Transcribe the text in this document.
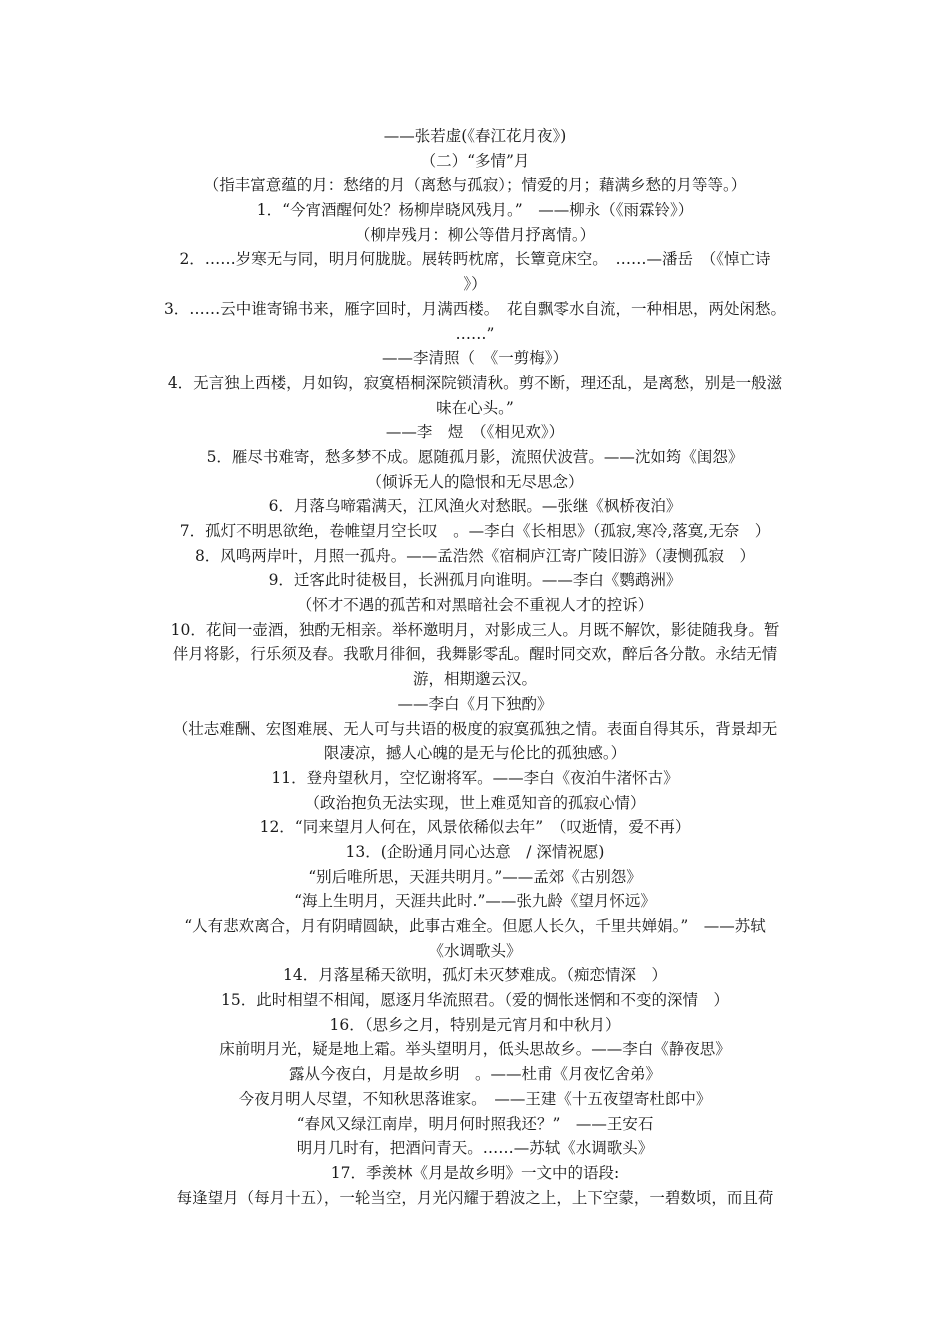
——张若虚(《春江花月夜》)
（二）“多情”月
（指丰富意蕴的月：愁绪的月（离愁与孤寂）；情爱的月；藉满乡愁的月等等。）
1．“今宵酒醒何处？杨柳岸晓风残月。”　——柳永（《雨霖铃》）
（柳岸残月：柳公等借月抒离情。）
2．……岁寒无与同，明月何胧胧。展转眄枕席，长簟竟床空。　……—潘岳　（《悼亡诗
》）
3．……云中谁寄锦书来，雁字回时，月满西楼。　花自飘零水自流，一种相思，两处闲愁。
……”
——李清照（　《一剪梅》）
4．无言独上西楼，月如钩，寂寞梧桐深院锁清秋。剪不断，理还乱，是离愁，别是一般滋
味在心头。”
——李　煜　（《相见欢》）
5．雁尽书难寄，愁多梦不成。愿随孤月影，流照伏波营。——沈如筠《闺怨》
（倾诉无人的隐恨和无尽思念）
6．月落乌啼霜满天，江风渔火对愁眠。—张继《枫桥夜泊》
7．孤灯不明思欲绝，卷帷望月空长叹　。—李白《长相思》（孤寂,寒冷,落寞,无奈　）
8．风鸣两岸叶，月照一孤舟。——孟浩然《宿桐庐江寄广陵旧游》（凄恻孤寂　）
9．迁客此时徒极目，长洲孤月向谁明。——李白《鹦鹉洲》
（怀才不遇的孤苦和对黑暗社会不重视人才的控诉）
10．花间一壶酒，独酌无相亲。举杯邀明月，对影成三人。月既不解饮，影徒随我身。暂
伴月将影，行乐须及春。我歌月徘徊，我舞影零乱。醒时同交欢，醉后各分散。永结无情
游，相期邈云汉。
——李白《月下独酌》
（壮志难酬、宏图难展、无人可与共语的极度的寂寞孤独之情。表面自得其乐，背景却无
限凄凉，撼人心魄的是无与伦比的孤独感。）
11．登舟望秋月，空忆谢将军。——李白《夜泊牛渚怀古》
（政治抱负无法实现，世上难觅知音的孤寂心情）
12．“同来望月人何在，风景依稀似去年”　（叹逝情，爱不再）
13．(企盼通月同心达意　/ 深情祝愿)
“别后唯所思，天涯共明月。”——孟郊《古别怨》
“海上生明月，天涯共此时.”——张九龄《望月怀远》
“人有悲欢离合，月有阴晴圆缺，此事古难全。但愿人长久，千里共婵娟。”　——苏轼
《水调歌头》
14．月落星稀天欲明，孤灯未灭梦难成。（痴恋情深　）
15．此时相望不相闻，愿逐月华流照君。（爱的惆怅迷惘和不变的深情　）
16．（思乡之月，特别是元宵月和中秋月）
床前明月光，疑是地上霜。举头望明月，低头思故乡。——李白《静夜思》
露从今夜白，月是故乡明　。——杜甫《月夜忆舍弟》
今夜月明人尽望，不知秋思落谁家。　——王建《十五夜望寄杜郎中》
“春风又绿江南岸，明月何时照我还？”　——王安石
明月几时有，把酒问青天。……—苏轼《水调歌头》
17．季羡林《月是故乡明》一文中的语段:
每逢望月（每月十五），一轮当空，月光闪耀于碧波之上，上下空蒙，一碧数顷，而且荷
